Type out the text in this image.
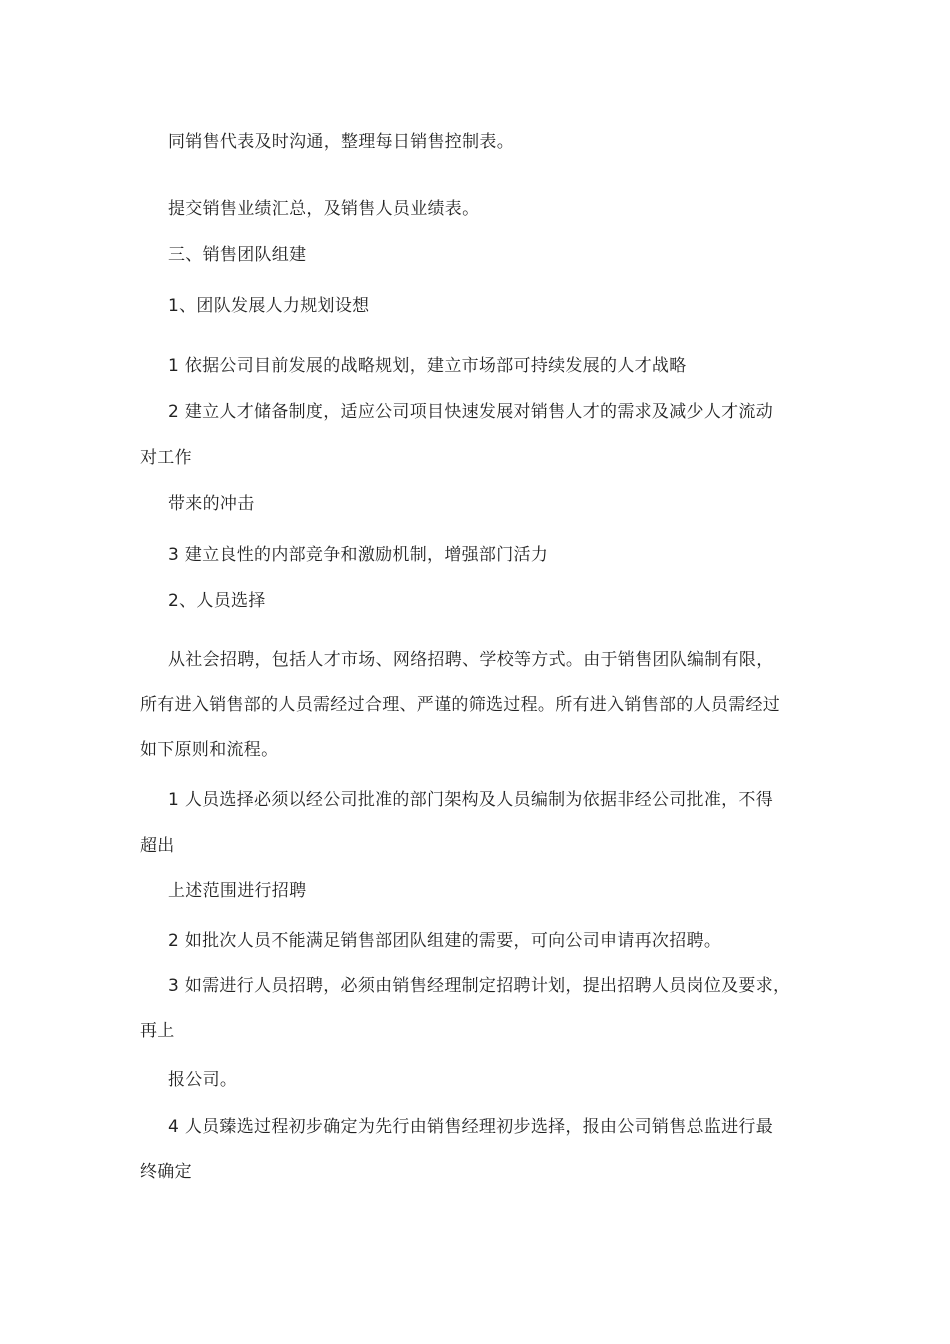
同销售代表及时沟通，整理每日销售控制表。
提交销售业绩汇总，及销售人员业绩表。
三、销售团队组建
1、团队发展人力规划设想
1 依据公司目前发展的战略规划，建立市场部可持续发展的人才战略
2 建立人才储备制度，适应公司项目快速发展对销售人才的需求及减少人才流动
对工作
带来的冲击
3 建立良性的内部竞争和激励机制，增强部门活力
2、人员选择
从社会招聘，包括人才市场、网络招聘、学校等方式。由于销售团队编制有限，
所有进入销售部的人员需经过合理、严谨的筛选过程。所有进入销售部的人员需经过
如下原则和流程。
1 人员选择必须以经公司批准的部门架构及人员编制为依据非经公司批准，不得
超出
上述范围进行招聘
2 如批次人员不能满足销售部团队组建的需要，可向公司申请再次招聘。
3 如需进行人员招聘，必须由销售经理制定招聘计划，提出招聘人员岗位及要求，
再上
报公司。
4 人员臻选过程初步确定为先行由销售经理初步选择，报由公司销售总监进行最
终确定
